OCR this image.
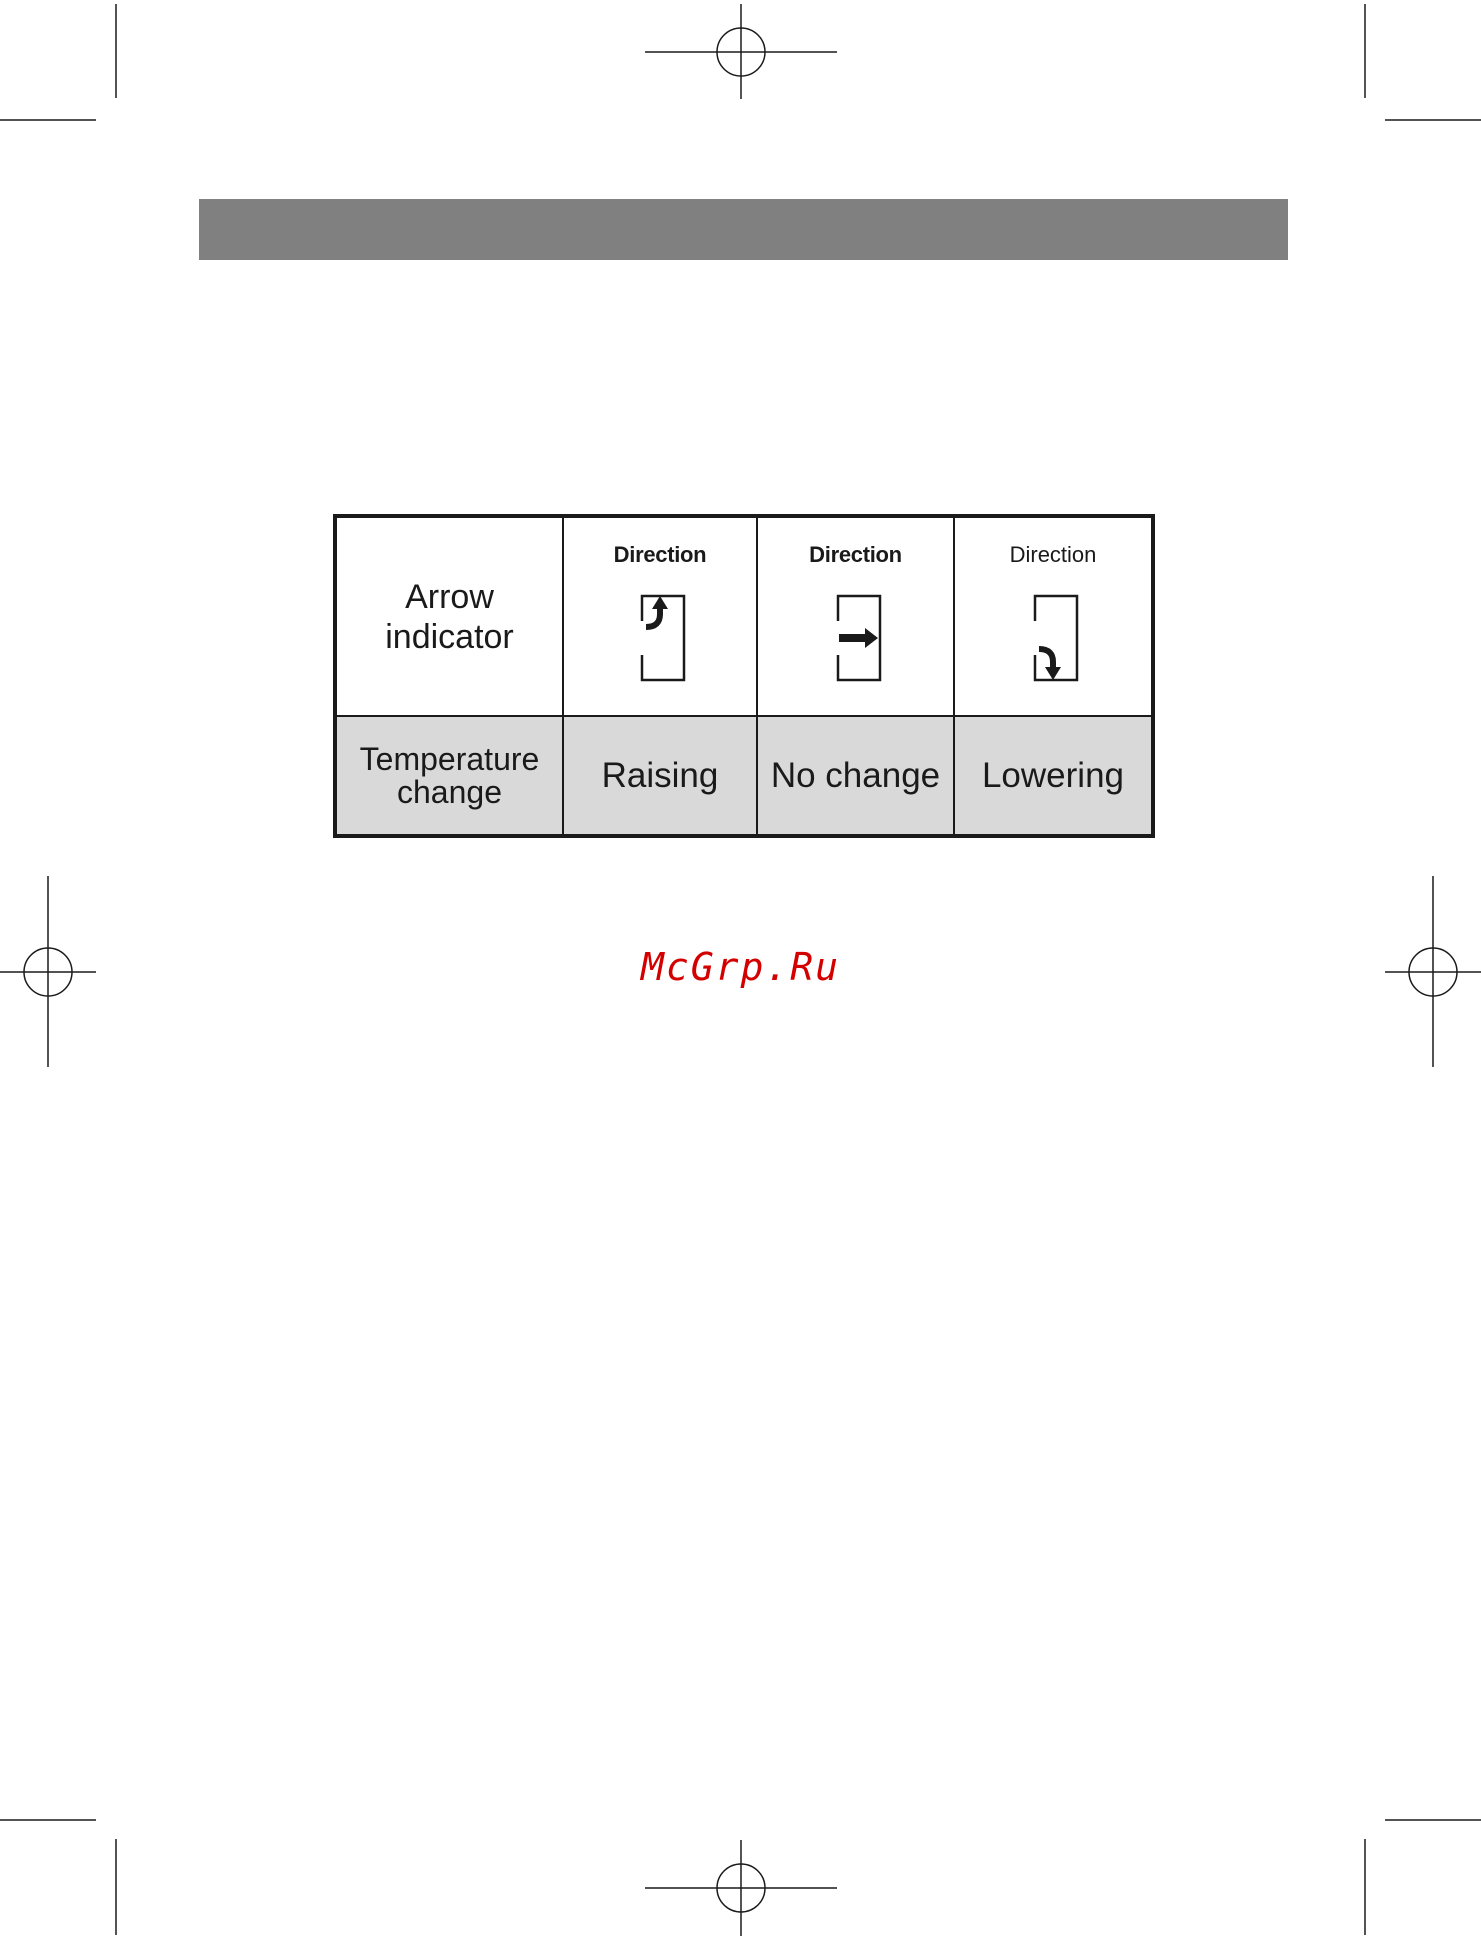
Arrow
indicator	Direction	Direction	Direction

Temperature
change	Raising	No change	Lowering
McGrp.Ru
